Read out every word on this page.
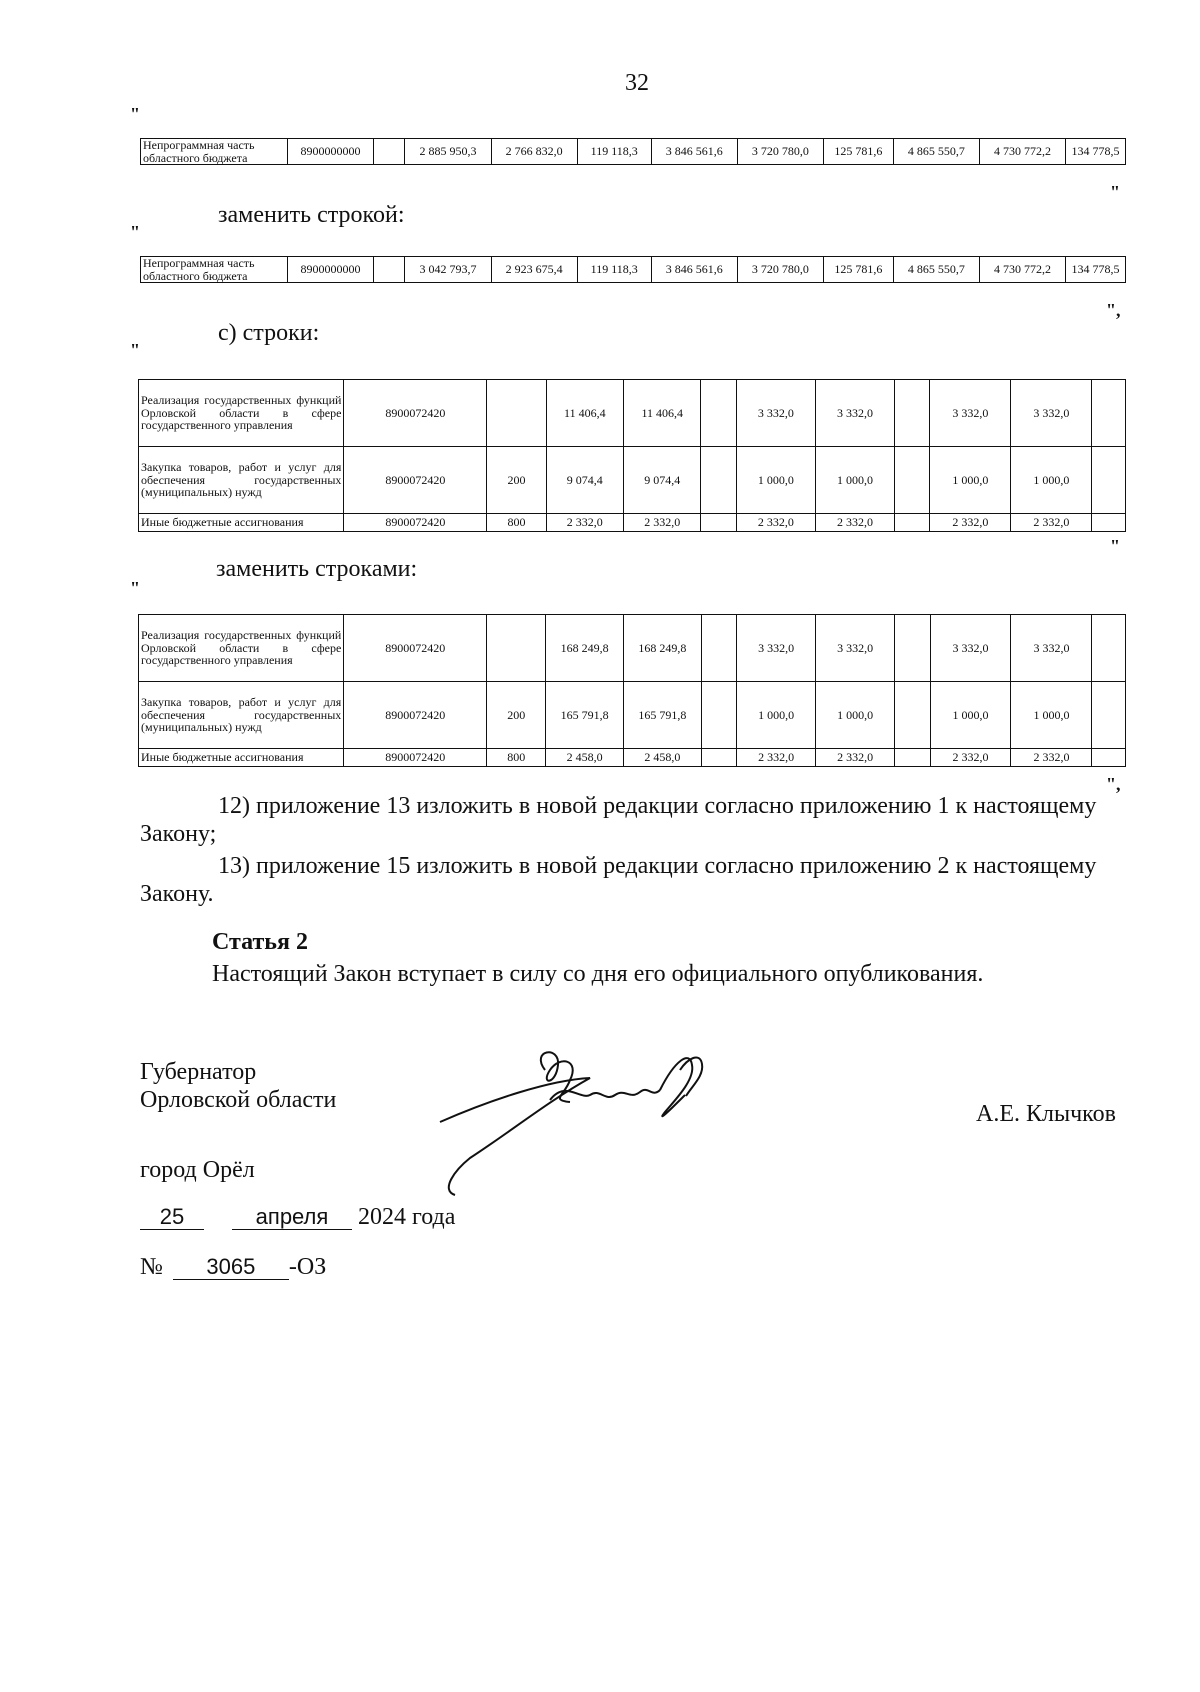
32
"
Непрограммная часть областного бюджета	8900000000		2 885 950,3	2 766 832,0	119 118,3	3 846 561,6	3 720 780,0	125 781,6	4 865 550,7	4 730 772,2	134 778,5
"
заменить строкой:
"
Непрограммная часть областного бюджета	8900000000		3 042 793,7	2 923 675,4	119 118,3	3 846 561,6	3 720 780,0	125 781,6	4 865 550,7	4 730 772,2	134 778,5
",
с) строки:
"
Реализация государственных функций Орловской области в сфере государственного управления	8900072420		11 406,4	11 406,4		3 332,0	3 332,0		3 332,0	3 332,0	
Закупка товаров, работ и услуг для обеспечения государственных (муниципальных) нужд	8900072420	200	9 074,4	9 074,4		1 000,0	1 000,0		1 000,0	1 000,0	
Иные бюджетные ассигнования	8900072420	800	2 332,0	2 332,0		2 332,0	2 332,0		2 332,0	2 332,0	
"
заменить строками:
"
Реализация государственных функций Орловской области в сфере государственного управления	8900072420		168 249,8	168 249,8		3 332,0	3 332,0		3 332,0	3 332,0	
Закупка товаров, работ и услуг для обеспечения государственных (муниципальных) нужд	8900072420	200	165 791,8	165 791,8		1 000,0	1 000,0		1 000,0	1 000,0	
Иные бюджетные ассигнования	8900072420	800	2 458,0	2 458,0		2 332,0	2 332,0		2 332,0	2 332,0	
",
12) приложение 13 изложить в новой редакции согласно приложению 1 к настоящему
Закону;
13) приложение 15 изложить в новой редакции согласно приложению 2 к настоящему
Закону.
Статья 2
Настоящий Закон вступает в силу со дня его официального опубликования.
Губернатор
Орловской области
А.Е. Клычков
город Орёл
25	апреля 2024 года
№ 3065 -ОЗ
